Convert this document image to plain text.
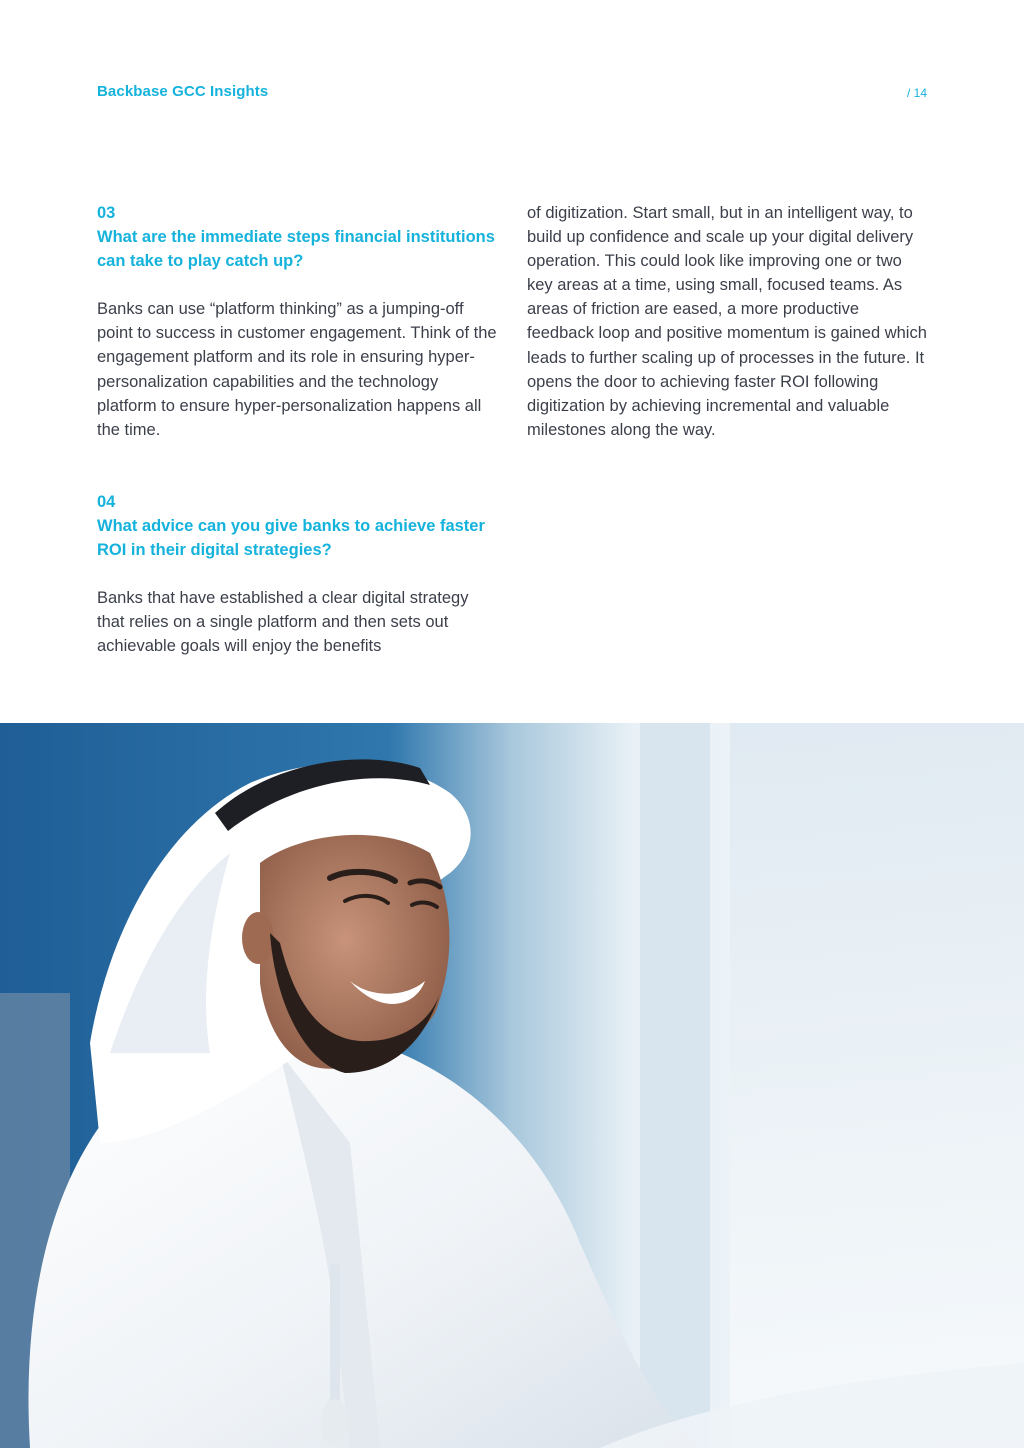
Backbase GCC Insights	/ 14
03
What are the immediate steps financial institutions can take to play catch up?

Banks can use “platform thinking” as a jumping-off point to success in customer engagement. Think of the engagement platform and its role in ensuring hyper-personalization capabilities and the technology platform to ensure hyper-personalization happens all the time.

04
What advice can you give banks to achieve faster ROI in their digital strategies?

Banks that have established a clear digital strategy that relies on a single platform and then sets out achievable goals will enjoy the benefits

of digitization. Start small, but in an intelligent way, to build up confidence and scale up your digital delivery operation. This could look like improving one or two key areas at a time, using small, focused teams. As areas of friction are eased, a more productive feedback loop and positive momentum is gained which leads to further scaling up of processes in the future. It opens the door to achieving faster ROI following digitization by achieving incremental and valuable milestones along the way.
